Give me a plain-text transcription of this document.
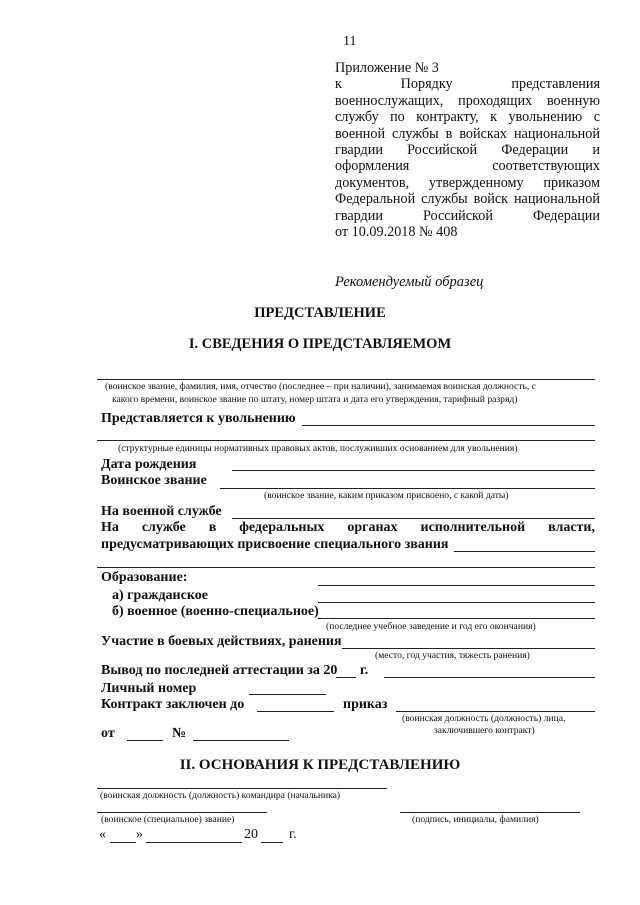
11
Приложение № 3
к	Порядку	представления
военнослужащих, проходящих военную
службу по контракту, к увольнению с
военной службы в войсках национальной
гвардии Российской Федерации и
оформления	соответствующих
документов, утвержденному приказом
Федеральной службы войск национальной
гвардии	Российской	Федерации
от 10.09.2018 № 408
Рекомендуемый образец
ПРЕДСТАВЛЕНИЕ
I. СВЕДЕНИЯ О ПРЕДСТАВЛЯЕМОМ
(воинское звание, фамилия, имя, отчество (последнее – при наличии), занимаемая воинская должность, с
какого времени, воинское звание по штату, номер штата и дата его утверждения, тарифный разряд)
Представляется к увольнению
(структурные единицы нормативных правовых актов, послуживших основанием для увольнения)
Дата рождения
Воинское звание
(воинское звание, каким приказом присвоено, с какой даты)
На военной службе
На службе в федеральных органах исполнительной власти,
предусматривающих присвоение специального звания
Образование:
а) гражданское
б) военное (военно-специальное)
(последнее учебное заведение и год его окончания)
Участие в боевых действиях, ранения
(место, год участия, тяжесть ранения)
Вывод по последней аттестации за 20 г.
Личный номер
Контракт заключен до	приказ
(воинская должность (должность) лица,
заключившего контракт)
от	№
II. ОСНОВАНИЯ К ПРЕДСТАВЛЕНИЮ
(воинская должность (должность) командира (начальника)
(воинское (специальное) звание)	(подпись, инициалы, фамилия)
« »	20 г.
